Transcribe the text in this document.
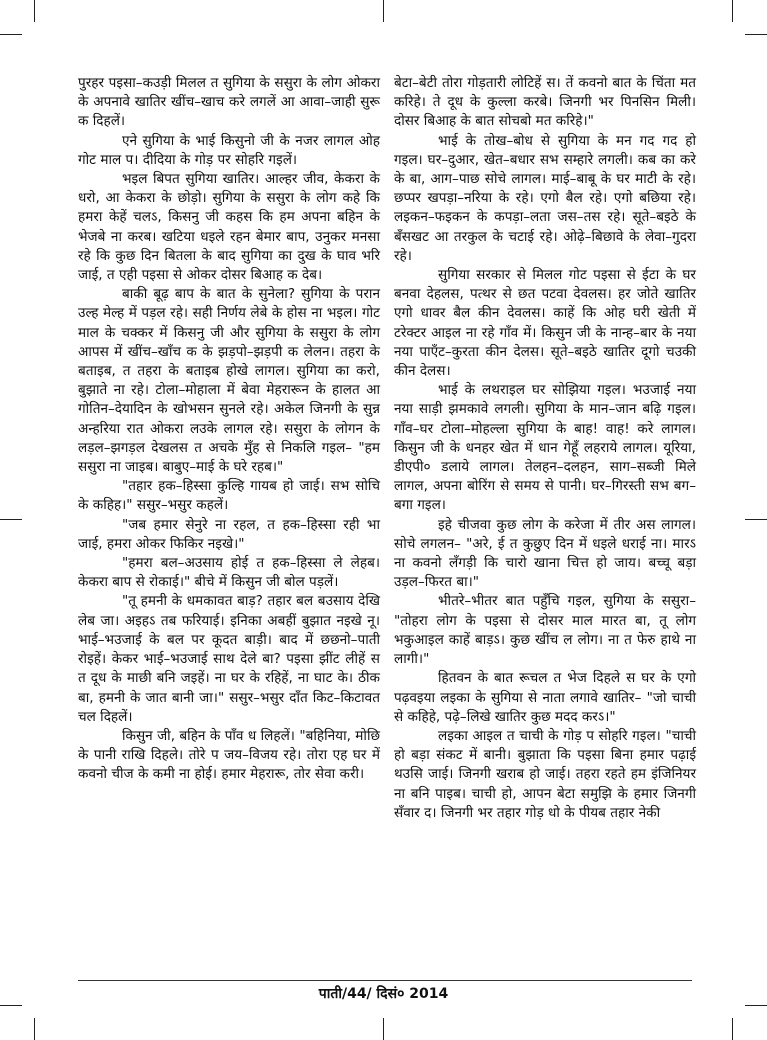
पुरहर पइसा–कउड़ी मिलल त सुगिया के ससुरा के लोग ओकरा के अपनावे खातिर खींच–खाच करे लगलें आ आवा–जाही सुरू क दिहलें।

एने सुगिया के भाई किसुनो जी के नजर लागल ओह गोट माल प। दीदिया के गोड़ पर सोहरि गइलें।

भइल बिपत सुगिया खातिर। आल्हर जीव, केकरा के धरो, आ केकरा के छोड़ो। सुगिया के ससुरा के लोग कहे कि हमरा केहें चलऽ, किसनु जी कहस कि हम अपना बहिन के भेजबे ना करब। खटिया धइले रहन बेमार बाप, उनुकर मनसा रहे कि कुछ दिन बितला के बाद सुगिया का दुख के घाव भरि जाई, त एही पइसा से ओकर दोसर बिआह क देब।

बाकी बूढ़ बाप के बात के सुनेला? सुगिया के परान उल्ह मेल्ह में पड़ल रहे। सही निर्णय लेबे के होस ना भइल। गोट माल के चक्कर में किसनु जी और सुगिया के ससुरा के लोग आपस में खींच–खाँच क के झड़पो–झड़पी क लेलन। तहरा के बताइब, त तहरा के बताइब होखे लागल। सुगिया का करो, बुझाते ना रहे। टोला–मोहाला में बेवा मेहरारून के हालत आ गोतिन–देयादिन के खोभसन सुनले रहे। अकेल जिनगी के सुन्न अन्हरिया रात ओकरा लउके लागल रहे। ससुरा के लोगन के लड़ल–झगड़ल देखलस त अचके मुँह से निकलि गइल– "हम ससुरा ना जाइब। बाबुए–माई के घरे रहब।"

"तहार हक–हिस्सा कुल्हि गायब हो जाई। सभ सोचि के कहिह।" ससुर–भसुर कहलें।

"जब हमार सेनुरे ना रहल, त हक–हिस्सा रही भा जाई, हमरा ओकर फिकिर नइखे।"

"हमरा बल–अउसाय होई त हक–हिस्सा ले लेहब। केकरा बाप से रोकाई।" बीचे में किसुन जी बोल पड़लें।

"तू हमनी के धमकावत बाड़? तहार बल बउसाय देखि लेब जा। अइहऽ तब फरियाई। इनिका अबहीं बुझात नइखे नू। भाई–भउजाई के बल पर कूदत बाड़ी। बाद में छछनो–पाती रोइहें। केकर भाई–भउजाई साथ देले बा? पइसा झींट लीहें स त दूध के माछी बनि जइहें। ना घर के रहिहें, ना घाट के। ठीक बा, हमनी के जात बानी जा।" ससुर–भसुर दाँत किट–किटावत चल दिहलें।

किसुन जी, बहिन के पाँव ध लिहलें। "बहिनिया, मोछि के पानी राखि दिहले। तोरे प जय–विजय रहे। तोरा एह घर में कवनो चीज के कमी ना होई। हमार मेहरारू, तोर सेवा करी।

बेटा–बेटी तोरा गोड़तारी लोटिहें स। तें कवनो बात के चिंता मत करिहे। ते दूध के कुल्ला करबे। जिनगी भर पिनसिन मिली। दोसर बिआह के बात सोचबो मत करिहे।"

भाई के तोख–बोध से सुगिया के मन गद गद हो गइल। घर–दुआर, खेत–बधार सभ सम्हारे लगली। कब का करे के बा, आग–पाछ सोचे लागल। माई–बाबू के घर माटी के रहे। छप्पर खपड़ा–नरिया के रहे। एगो बैल रहे। एगो बछिया रहे। लइकन–फइकन के कपड़ा–लता जस–तस रहे। सूते–बइठे के बँसखट आ तरकुल के चटाई रहे। ओढ़े–बिछावे के लेवा–गुदरा रहे।

सुगिया सरकार से मिलल गोट पइसा से ईटा के घर बनवा देहलस, पत्थर से छत पटवा देवलस। हर जोते खातिर एगो धावर बैल कीन देवलस। काहें कि ओह घरी खेती में टरेक्टर आइल ना रहे गाँव में। किसुन जी के नान्ह–बार के नया नया पाएँट–कुरता कीन देलस। सूते–बइठे खातिर दूगो चउकी कीन देलस।

भाई के लथराइल घर सोझिया गइल। भउजाई नया नया साड़ी झमकावे लगली। सुगिया के मान–जान बढ़ि गइल। गाँव–घर टोला–मोहल्ला सुगिया के बाह! वाह! करे लागल। किसुन जी के धनहर खेत में धान गेहूँ लहराये लागल। यूरिया, डीएपी० डलाये लागल। तेलहन–दलहन, साग–सब्जी मिले लागल, अपना बोरिंग से समय से पानी। घर–गिरस्ती सभ बग–बगा गइल।

इहे चीजवा कुछ लोग के करेजा में तीर अस लागल। सोचे लगलन– "अरे, ई त कुछुए दिन में धइले धराई ना। मारऽ ना कवनो लँगड़ी कि चारो खाना चित्त हो जाय। बच्चू बड़ा उड़ल–फिरत बा।"

भीतरे–भीतर बात पहुँचि गइल, सुगिया के ससुरा– "तोहरा लोग के पइसा से दोसर माल मारत बा, तू लोग भकुआइल काहें बाड़ऽ। कुछ खींच ल लोग। ना त फेरु हाथे ना लागी।"

हितवन के बात रूचल त भेज दिहले स घर के एगो पढ़वइया लइका के सुगिया से नाता लगावे खातिर– "जो चाची से कहिहे, पढ़े–लिखे खातिर कुछ मदद करऽ।"

लइका आइल त चाची के गोड़ प सोहरि गइल। "चाची हो बड़ा संकट में बानी। बुझाता कि पइसा बिना हमार पढ़ाई थउसि जाई। जिनगी खराब हो जाई। तहरा रहते हम इंजिनियर ना बनि पाइब। चाची हो, आपन बेटा समुझि के हमार जिनगी सँवार द। जिनगी भर तहार गोड़ धो के पीयब तहार नेकी

पाती/44/ दिसं० 2014
